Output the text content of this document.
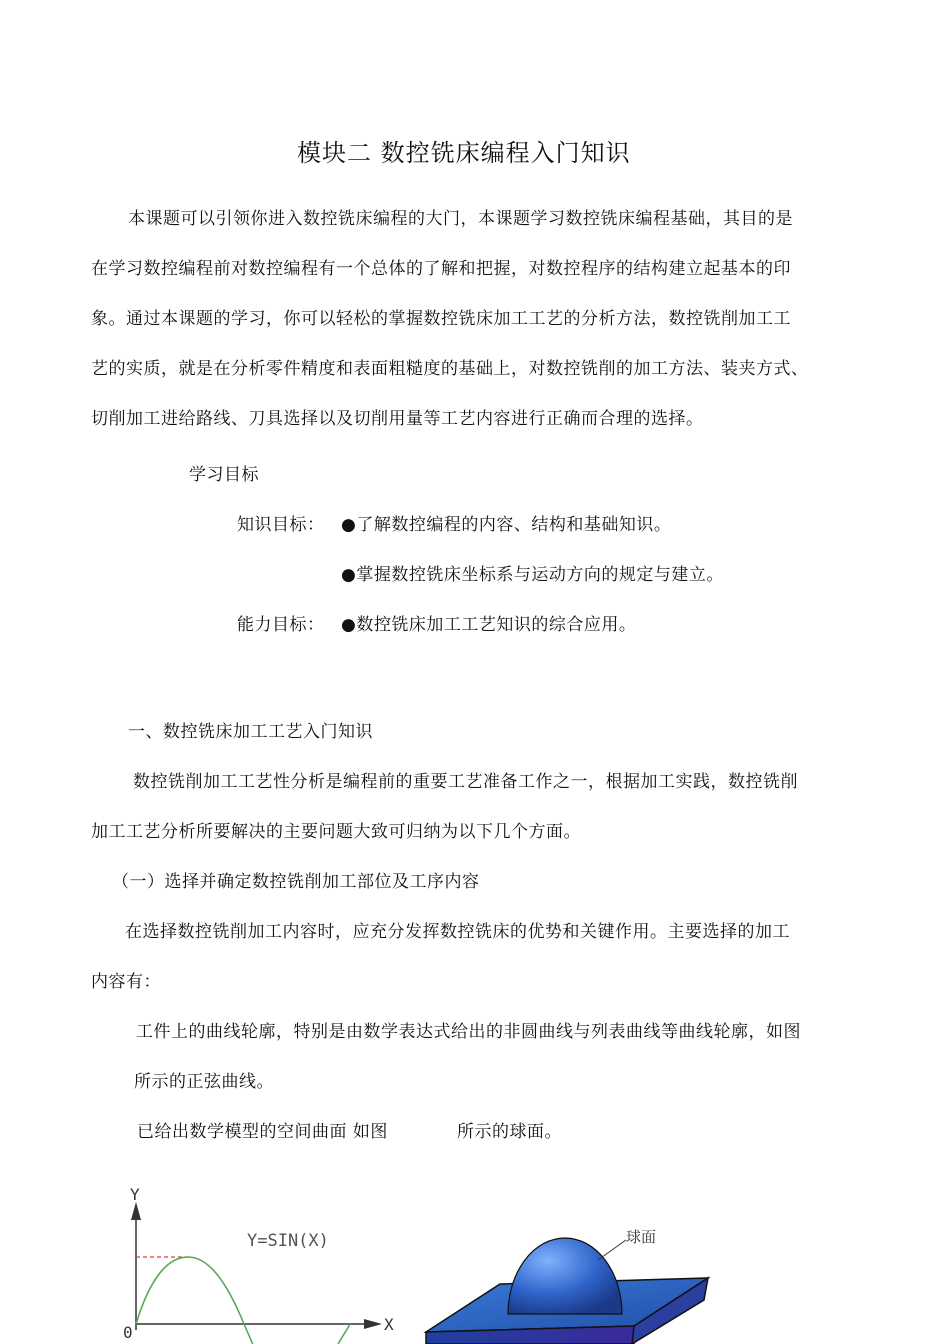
模块二 数控铣床编程入门知识
本课题可以引领你进入数控铣床编程的大门，本课题学习数控铣床编程基础，其目的是
在学习数控编程前对数控编程有一个总体的了解和把握，对数控程序的结构建立起基本的印
象。通过本课题的学习，你可以轻松的掌握数控铣床加工工艺的分析方法，数控铣削加工工
艺的实质，就是在分析零件精度和表面粗糙度的基础上，对数控铣削的加工方法、装夹方式、
切削加工进给路线、刀具选择以及切削用量等工艺内容进行正确而合理的选择。
学习目标
知识目标： ●了解数控编程的内容、结构和基础知识。
●掌握数控铣床坐标系与运动方向的规定与建立。
能力目标： ●数控铣床加工工艺知识的综合应用。
一、数控铣床加工工艺入门知识
数控铣削加工工艺性分析是编程前的重要工艺准备工作之一，根据加工实践，数控铣削
加工工艺分析所要解决的主要问题大致可归纳为以下几个方面。
（一）选择并确定数控铣削加工部位及工序内容
在选择数控铣削加工内容时，应充分发挥数控铣床的优势和关键作用。主要选择的加工
内容有：
工件上的曲线轮廓，特别是由数学表达式给出的非圆曲线与列表曲线等曲线轮廓，如图
所示的正弦曲线。
已给出数学模型的空间曲面 如图	所示的球面。
Y
X
0
Y=SIN(X)	球面
